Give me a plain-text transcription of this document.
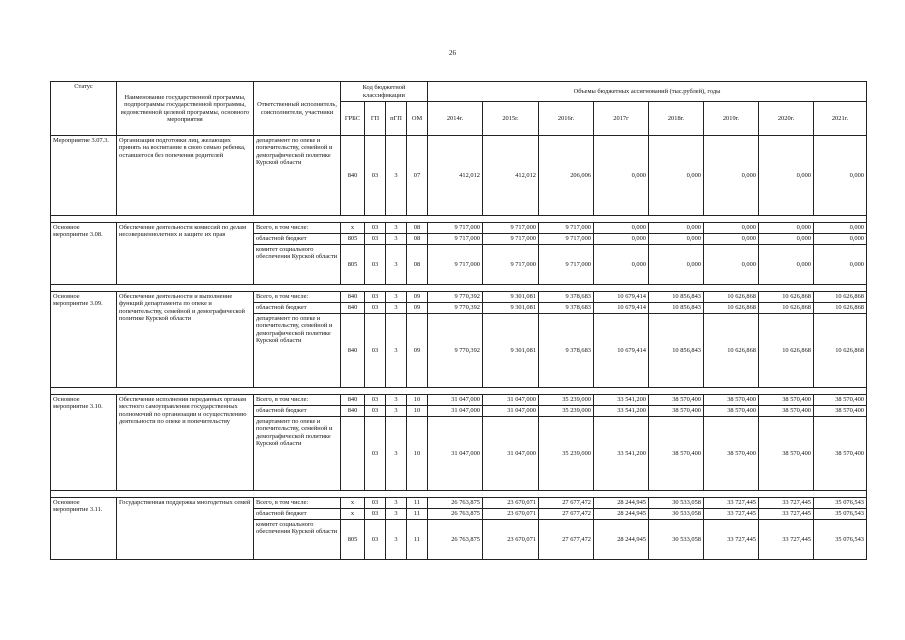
26
Статус	Наименование государственной программы, подпрограммы государственной программы, ведомственной целевой программы, основного мероприятия	Ответственный исполнитель, соисполнители, участники	Код бюджетной классификации				Объемы бюджетных ассигнований (тыс.рублей), годы							
			ГРБС	ГП	пГП	ОМ	2014г.	2015г.	2016г.	2017г	2018г.	2019г.	2020г.	2021г.
Мероприятие 3.07.3.	Организация подготовки лиц, желающих принять на воспитание в свою семью ребенка, оставшегося без попечения родителей	департамент по опеке и попечительству, семейной и демографической политике Курской области	840	03	3	07	412,012	412,012	206,006	0,000	0,000	0,000	0,000	0,000

Основное мероприятие 3.08.	Обеспечение деятельности комиссий по делам несовершеннолетних и защите их прав	Всего, в том числе:	x	03	3	08	9 717,000	9 717,000	9 717,000	0,000	0,000	0,000	0,000	0,000
		областной бюджет	805	03	3	08	9 717,000	9 717,000	9 717,000	0,000	0,000	0,000	0,000	0,000
		комитет социального обеспечения Курской области	805	03	3	08	9 717,000	9 717,000	9 717,000	0,000	0,000	0,000	0,000	0,000

Основное мероприятие 3.09.	Обеспечение деятельности и выполнение функций департамента по опеке и попечительству, семейной и демографической политике Курской области	Всего, в том числе:	840	03	3	09	9 770,392	9 301,081	9 378,683	10 679,414	10 856,843	10 626,868	10 626,868	10 626,868
		областной бюджет	840	03	3	09	9 770,392	9 301,081	9 378,683	10 679,414	10 856,843	10 626,868	10 626,868	10 626,868
		департамент по опеке и попечительству, семейной и демографической политике Курской области	840	03	3	09	9 770,392	9 301,081	9 378,683	10 679,414	10 856,843	10 626,868	10 626,868	10 626,868

Основное мероприятие 3.10.	Обеспечение исполнения переданных органам местного самоуправления государственных полномочий по организации и осуществлению деятельности по опеке и попечительству	Всего, в том числе:	840	03	3	10	31 047,000	31 047,000	35 239,000	33 541,200	38 570,400	38 570,400	38 570,400	38 570,400
		областной бюджет	840	03	3	10	31 047,000	31 047,000	35 239,000	33 541,200	38 570,400	38 570,400	38 570,400	38 570,400
		департамент по опеке и попечительству, семейной и демографической политике Курской области		03	3	10	31 047,000	31 047,000	35 239,000	33 541,200	38 570,400	38 570,400	38 570,400	38 570,400

Основное мероприятие 3.11.	Государственная поддержка многодетных семей	Всего, в том числе:	x	03	3	11	26 763,875	23 670,071	27 677,472	28 244,945	30 533,058	33 727,445	33 727,445	35 076,543
		областной бюджет	x	03	3	11	26 763,875	23 670,071	27 677,472	28 244,945	30 533,058	33 727,445	33 727,445	35 076,543
		комитет социального обеспечения Курской области	805	03	3	11	26 763,875	23 670,071	27 677,472	28 244,945	30 533,058	33 727,445	33 727,445	35 076,543
